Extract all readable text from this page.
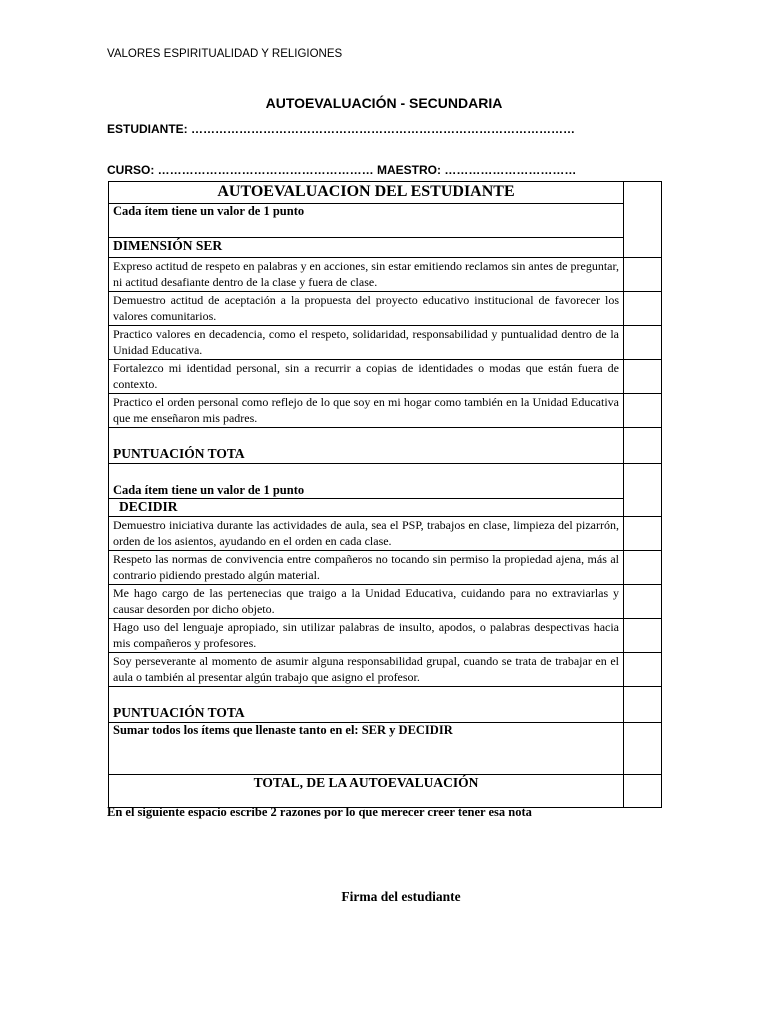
VALORES ESPIRITUALIDAD Y RELIGIONES
AUTOEVALUACIÓN - SECUNDARIA
ESTUDIANTE: ……………………………………………………………………………………
CURSO: ……………………………………………… MAESTRO: ……………………………
AUTOEVALUACION DEL ESTUDIANTE	
Cada ítem tiene un valor de 1 punto	
DIMENSIÓN SER	
Expreso actitud de respeto en palabras y en acciones, sin estar emitiendo reclamos sin antes de preguntar, ni actitud desafiante dentro de la clase y fuera de clase.	
Demuestro actitud de aceptación a la propuesta del proyecto educativo institucional de favorecer los valores comunitarios.	
Practico valores en decadencia, como el respeto, solidaridad, responsabilidad y puntualidad dentro de la Unidad Educativa.	
Fortalezco mi identidad personal, sin a recurrir a copias de identidades o modas que están fuera de contexto.	
Practico el orden personal como reflejo de lo que soy en mi hogar como también en la Unidad Educativa que me enseñaron mis padres.	
PUNTUACIÓN TOTA	
Cada ítem tiene un valor de 1 punto	
DECIDIR	
Demuestro iniciativa durante las actividades de aula, sea el PSP, trabajos en clase, limpieza del pizarrón, orden de los asientos, ayudando en el orden en cada clase.	
Respeto las normas de convivencia entre compañeros no tocando sin permiso la propiedad ajena, más al contrario pidiendo prestado algún material.	
Me hago cargo de las pertenecias que traigo a la Unidad Educativa, cuidando para no extraviarlas y causar desorden por dicho objeto.	
Hago uso del lenguaje apropiado, sin utilizar palabras de insulto, apodos, o palabras despectivas hacia mis compañeros y profesores.	
Soy perseverante al momento de asumir alguna responsabilidad grupal, cuando se trata de trabajar en el aula o también al presentar algún trabajo que asigno el profesor.	
PUNTUACIÓN TOTA	
Sumar todos los ítems que llenaste tanto en el: SER y DECIDIR	
TOTAL, DE LA AUTOEVALUACIÓN	
En el siguiente espacio escribe 2 razones por lo que merecer creer tener esa nota
Firma del estudiante
